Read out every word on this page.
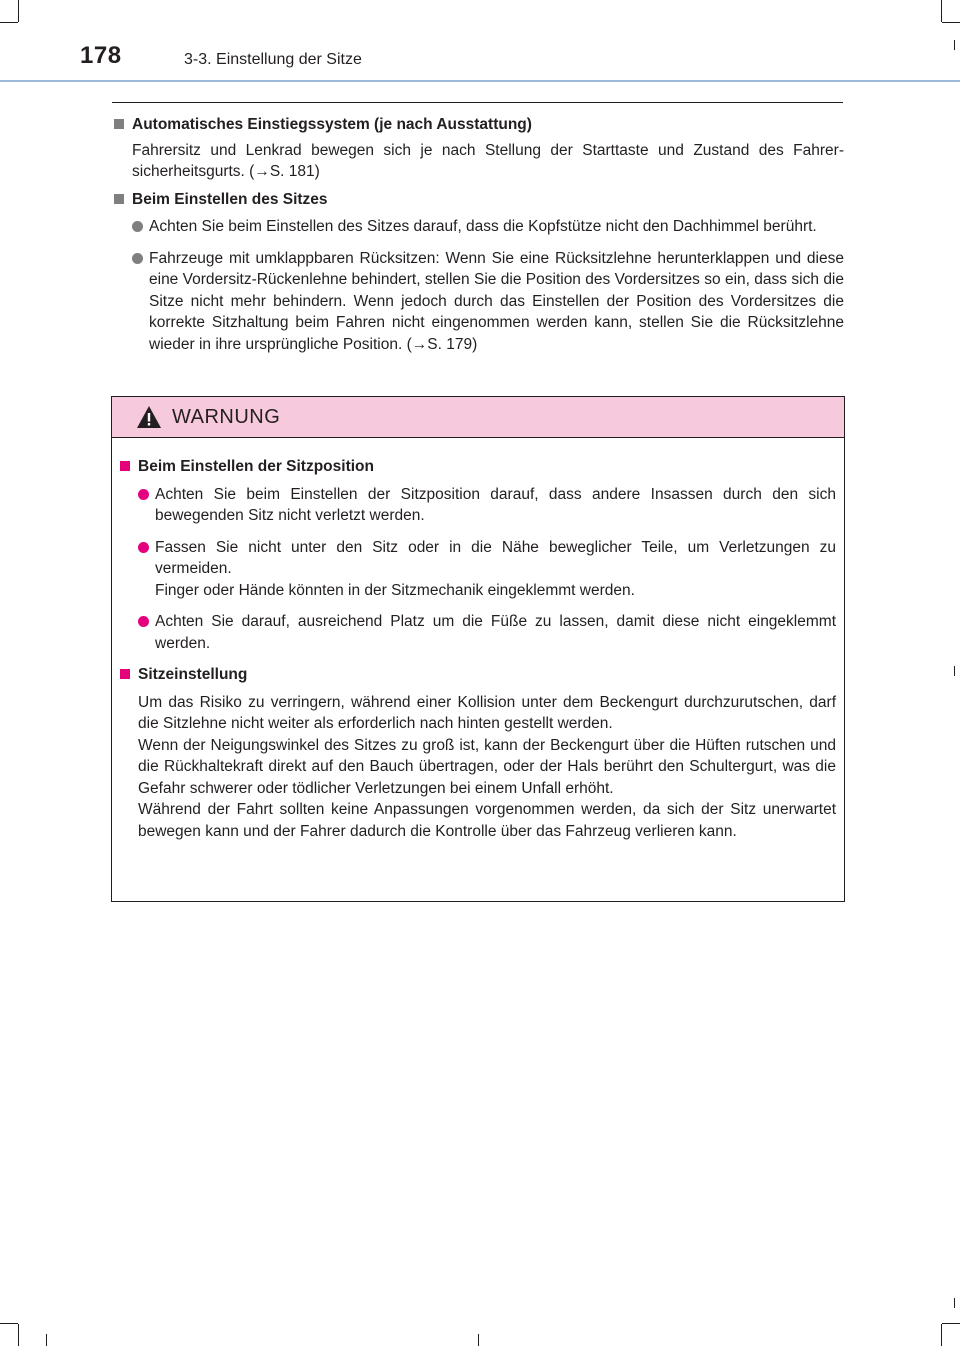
178	3-3. Einstellung der Sitze
Automatisches Einstiegssystem (je nach Ausstattung)
Fahrersitz und Lenkrad bewegen sich je nach Stellung der Starttaste und Zustand des Fahrer-sicherheitsgurts. (→S. 181)
Beim Einstellen des Sitzes
Achten Sie beim Einstellen des Sitzes darauf, dass die Kopfstütze nicht den Dachhimmel berührt.
Fahrzeuge mit umklappbaren Rücksitzen: Wenn Sie eine Rücksitzlehne herunterklappen und diese eine Vordersitz-Rückenlehne behindert, stellen Sie die Position des Vordersitzes so ein, dass sich die Sitze nicht mehr behindern. Wenn jedoch durch das Einstellen der Position des Vordersitzes die korrekte Sitzhaltung beim Fahren nicht eingenommen werden kann, stellen Sie die Rücksitzlehne wieder in ihre ursprüngliche Position. (→S. 179)
WARNUNG
Beim Einstellen der Sitzposition
Achten Sie beim Einstellen der Sitzposition darauf, dass andere Insassen durch den sich bewegenden Sitz nicht verletzt werden.
Fassen Sie nicht unter den Sitz oder in die Nähe beweglicher Teile, um Verletzungen zu vermeiden.
Finger oder Hände könnten in der Sitzmechanik eingeklemmt werden.
Achten Sie darauf, ausreichend Platz um die Füße zu lassen, damit diese nicht eingeklemmt werden.
Sitzeinstellung
Um das Risiko zu verringern, während einer Kollision unter dem Beckengurt durchzurutschen, darf die Sitzlehne nicht weiter als erforderlich nach hinten gestellt werden.
Wenn der Neigungswinkel des Sitzes zu groß ist, kann der Beckengurt über die Hüften rutschen und die Rückhaltekraft direkt auf den Bauch übertragen, oder der Hals berührt den Schultergurt, was die Gefahr schwerer oder tödlicher Verletzungen bei einem Unfall erhöht.
Während der Fahrt sollten keine Anpassungen vorgenommen werden, da sich der Sitz unerwartet bewegen kann und der Fahrer dadurch die Kontrolle über das Fahrzeug verlieren kann.
